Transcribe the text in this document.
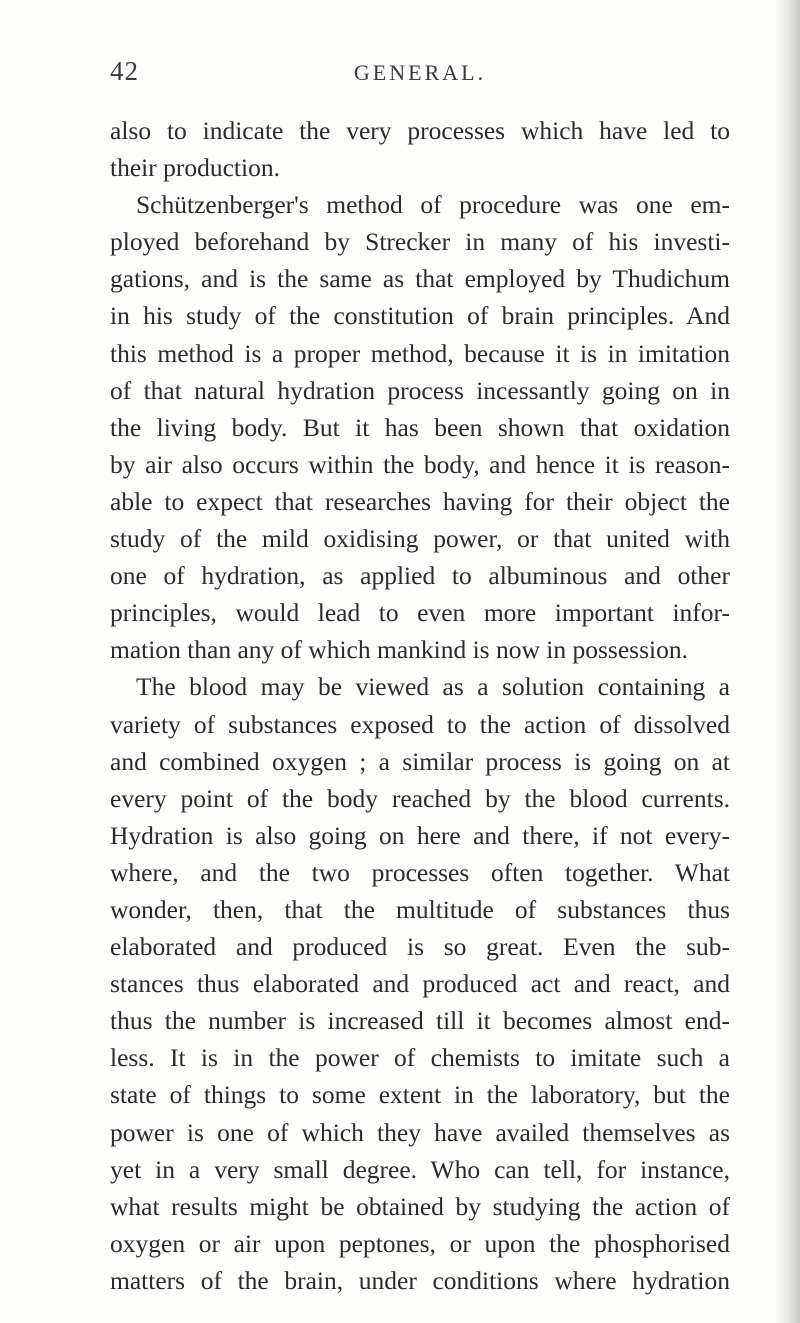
42	GENERAL.
also to indicate the very processes which have led to
their production.
Schützenberger's method of procedure was one em-
ployed beforehand by Strecker in many of his investi-
gations, and is the same as that employed by Thudichum
in his study of the constitution of brain principles. And
this method is a proper method, because it is in imitation
of that natural hydration process incessantly going on in
the living body. But it has been shown that oxidation
by air also occurs within the body, and hence it is reason-
able to expect that researches having for their object the
study of the mild oxidising power, or that united with
one of hydration, as applied to albuminous and other
principles, would lead to even more important infor-
mation than any of which mankind is now in possession.
The blood may be viewed as a solution containing a
variety of substances exposed to the action of dissolved
and combined oxygen ; a similar process is going on at
every point of the body reached by the blood currents.
Hydration is also going on here and there, if not every-
where, and the two processes often together. What
wonder, then, that the multitude of substances thus
elaborated and produced is so great. Even the sub-
stances thus elaborated and produced act and react, and
thus the number is increased till it becomes almost end-
less. It is in the power of chemists to imitate such a
state of things to some extent in the laboratory, but the
power is one of which they have availed themselves as
yet in a very small degree. Who can tell, for instance,
what results might be obtained by studying the action of
oxygen or air upon peptones, or upon the phosphorised
matters of the brain, under conditions where hydration
